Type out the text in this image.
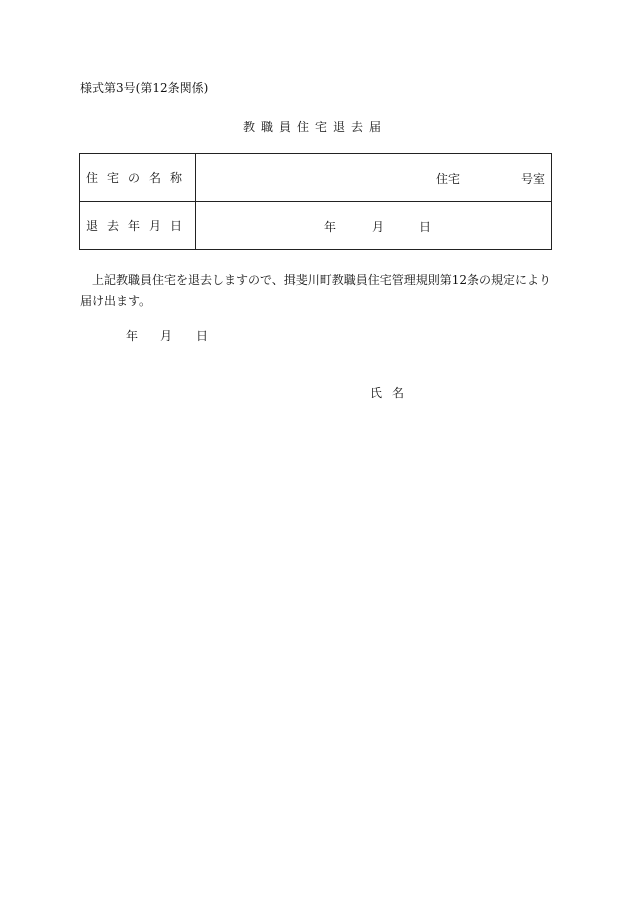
様式第3号(第12条関係)
教職員住宅退去届
住宅の名称	住宅 号室

退去年月日	年 月 日
上記教職員住宅を退去しますので、揖斐川町教職員住宅管理規則第12条の規定により届け出ます。
年 月 日
氏名
